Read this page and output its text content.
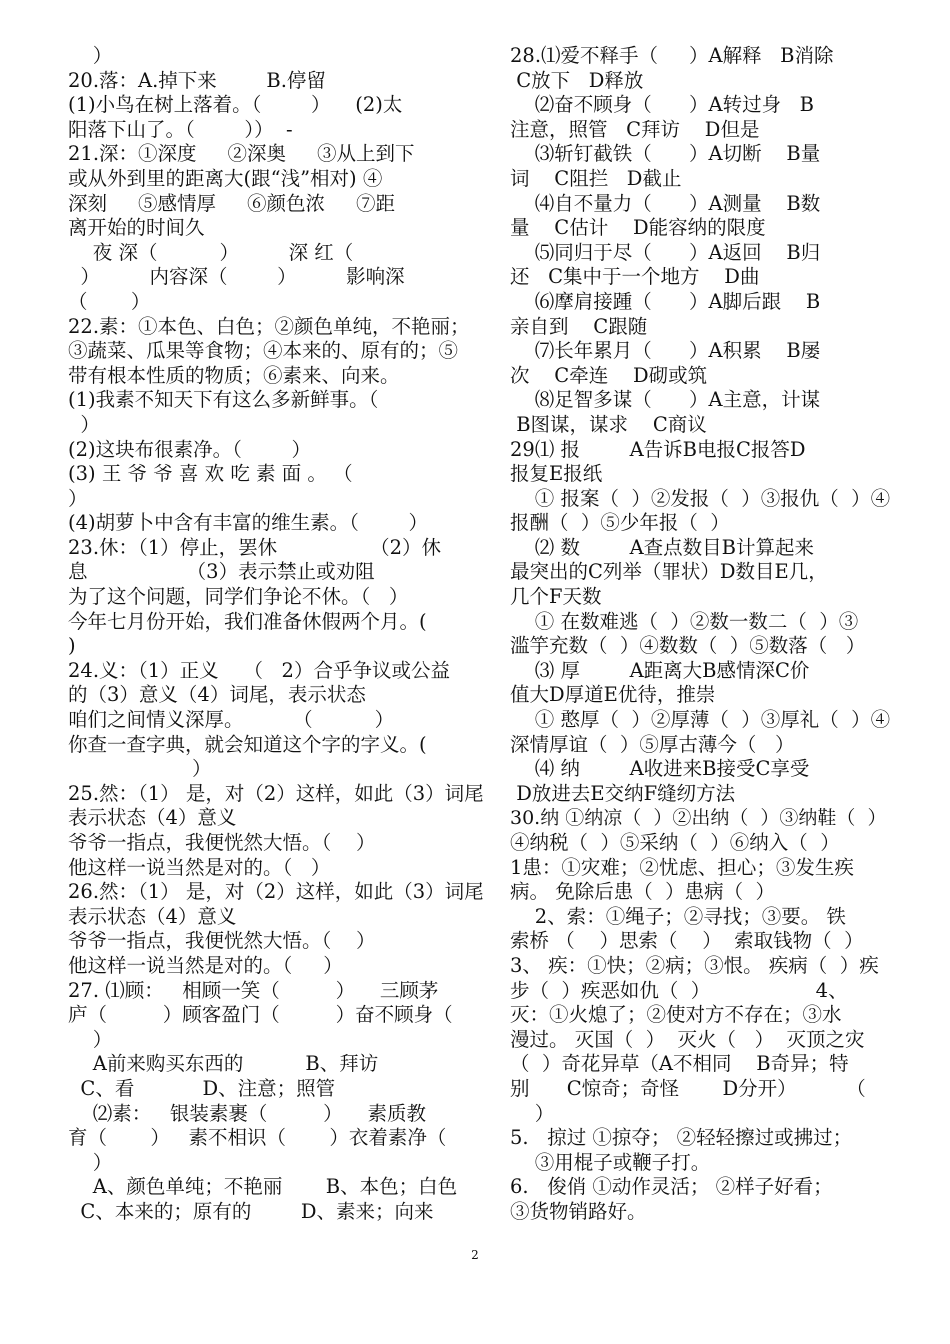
）
20.落：A.掉下来        B.停留
(1)小鸟在树上落着。（        ）    (2)太
阳落下山了。（        ））  -
21.深：①深度     ②深奥     ③从上到下
或从外到里的距离大(跟“浅”相对) ④
深刻     ⑤感情厚     ⑥颜色浓     ⑦距
离开始的时间久
夜 深（          ）        深 红（
）        内容深（        ）        影响深
（       ）
22.素：①本色、白色；②颜色单纯，不艳丽；
③蔬菜、瓜果等食物；④本来的、原有的；⑤
带有根本性质的物质；⑥素来、向来。
(1)我素不知天下有这么多新鲜事。（
）
(2)这块布很素净。（        ）
(3) 王 爷 爷 喜 欢 吃 素 面 。 （
）
(4)胡萝卜中含有丰富的维生素。（        ）
23.休：（1）停止，罢休               （2）休
息                （3）表示禁止或劝阻
为了这个问题，同学们争论不休。（   ）
今年七月份开始，我们准备休假两个月。(
)
24.义：（1）正义    （   2）合乎争议或公益
的（3）意义（4）词尾，表示状态
咱们之间情义深厚。        （          ）
你查一查字典，就会知道这个字的字义。(
）
25.然：（1） 是，对（2）这样，如此（3）词尾
表示状态（4）意义
爷爷一指点，我便恍然大悟。（    ）
他这样一说当然是对的。（   ）
26.然：（1） 是，对（2）这样，如此（3）词尾
表示状态（4）意义
爷爷一指点，我便恍然大悟。（    ）
他这样一说当然是对的。（     ）
27. ⑴顾：   相顾一笑（         ）    三顾茅
庐（         ）顾客盈门（         ）奋不顾身（
）
A前来购买东西的          B、拜访
C、看           D、注意；照管
⑵素：   银装素裹（         ）    素质教
育（       ）   素不相识（       ）衣着素净（
）
A、颜色单纯；不艳丽       B、本色；白色
C、本来的；原有的        D、素来；向来
28.⑴爱不释手（     ）A解释   B消除
C放下   D释放
⑵奋不顾身（      ）A转过身   B
注意，照管   C拜访    D但是
⑶斩钉截铁（      ）A切断    B量
词    C阻拦   D截止
⑷自不量力（      ）A测量    B数
量    C估计    D能容纳的限度
⑸同归于尽（      ）A返回    B归
还   C集中于一个地方    D曲
⑹摩肩接踵（      ）A脚后跟    B
亲自到    C跟随
⑺长年累月（      ）A积累    B屡
次    C牵连    D砌或筑
⑻足智多谋（      ）A主意，计谋
B图谋，谋求    C商议
29⑴ 报        A告诉B电报C报答D
报复E报纸
① 报案（  ）②发报（  ）③报仇（  ）④
报酬（  ）⑤少年报（  ）
⑵ 数        A查点数目B计算起来
最突出的C列举（罪状）D数目E几，
几个F天数
① 在数难逃（  ）②数一数二（  ）③
滥竽充数（  ）④数数（  ）⑤数落（   ）
⑶ 厚        A距离大B感情深C价
值大D厚道E优待，推崇
① 憨厚（  ）②厚薄（  ）③厚礼（  ）④
深情厚谊（  ）⑤厚古薄今（   ）
⑷ 纳        A收进来B接受C享受
D放进去E交纳F缝纫方法
30.纳 ①纳凉（  ）②出纳（  ）③纳鞋（  ）
④纳税（  ）⑤采纳（  ）⑥纳入（  ）
1患：①灾难；②忧虑、担心；③发生疾
病。 免除后患（  ）患病（  ）
2、索：①绳子；②寻找；③要。 铁
索桥 （    ）思索（    ）  索取钱物（  ）
3、 疾：①快；②病；③恨。 疾病（  ）疾
步（  ）疾恶如仇（  ）                 4、
灭：①火熄了；②使对方不存在；③水
漫过。 灭国（  ）  灭火（   ）  灭顶之灾
（  ）奇花异草（A不相同    B奇异；特
别      C惊奇；奇怪       D分开）        （
）
5.   掠过 ①掠夺； ②轻轻擦过或拂过；
③用棍子或鞭子打。
6.   俊俏 ①动作灵活； ②样子好看；
③货物销路好。
2
